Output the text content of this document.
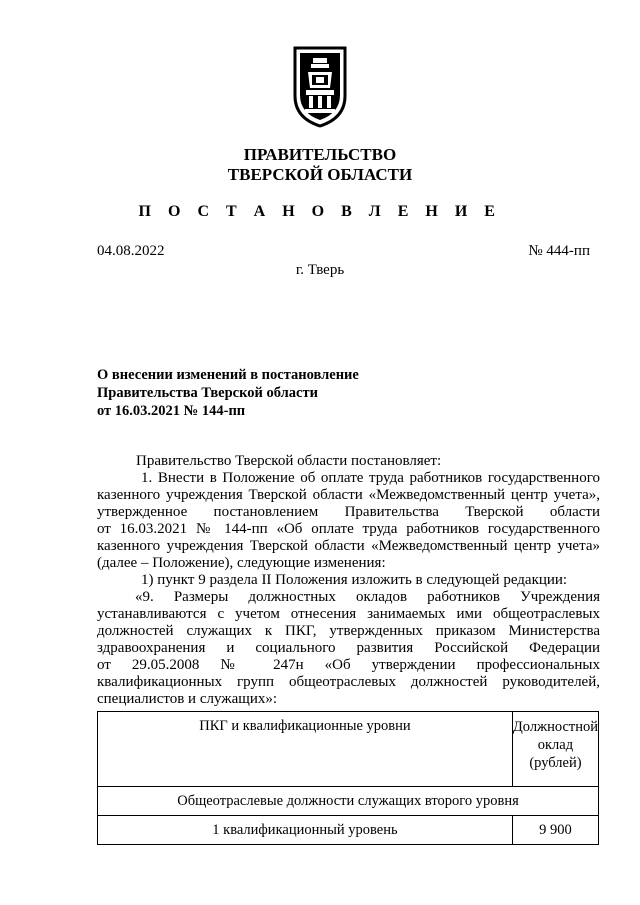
ПРАВИТЕЛЬСТВО
ТВЕРСКОЙ ОБЛАСТИ
П О С Т А Н О В Л Е Н И Е
04.08.2022	№ 444-пп
г. Тверь
О внесении изменений в постановление
Правительства Тверской области
от 16.03.2021 № 144-пп
Правительство Тверской области постановляет:
1. Внести в Положение об оплате труда работников государственного
казенного учреждения Тверской области «Межведомственный центр учета»,
утвержденное постановлением Правительства Тверской области
от 16.03.2021 № 144-пп «Об оплате труда работников государственного
казенного учреждения Тверской области «Межведомственный центр учета»
(далее – Положение), следующие изменения:
1) пункт 9 раздела II Положения изложить в следующей редакции:
«9. Размеры должностных окладов работников Учреждения
устанавливаются с учетом отнесения занимаемых ими общеотраслевых
должностей служащих к ПКГ, утвержденных приказом Министерства
здравоохранения и социального развития Российской Федерации
от 29.05.2008 № 247н «Об утверждении профессиональных
квалификационных групп общеотраслевых должностей руководителей,
специалистов и служащих»:
ПКГ и квалификационные уровни	Должностной
оклад
(рублей)

Общеотраслевые должности служащих второго уровня	
1 квалификационный уровень	9 900
